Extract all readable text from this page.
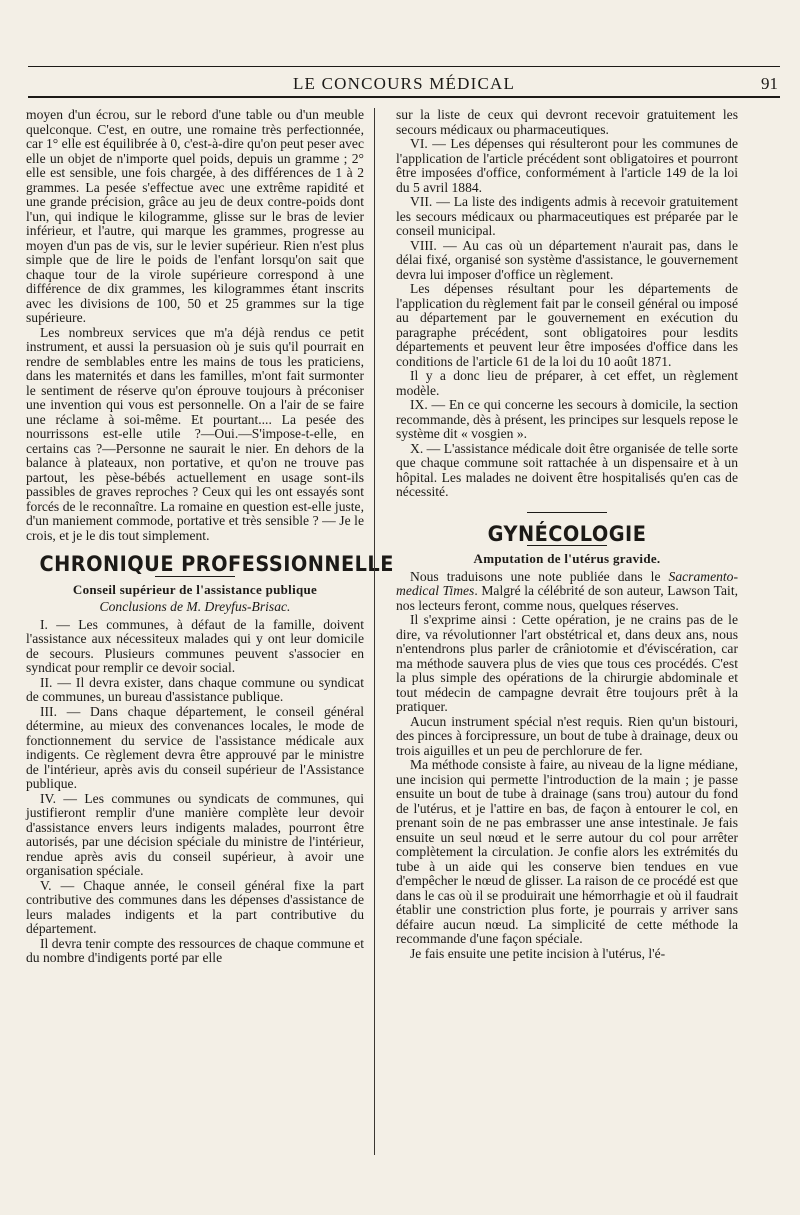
LE CONCOURS MÉDICAL	91

moyen d'un écrou, sur le rebord d'une table ou d'un meuble quelconque. C'est, en outre, une romaine très perfectionnée, car 1° elle est équilibrée à 0, c'est-à-dire qu'on peut peser avec elle un objet de n'importe quel poids, depuis un gramme ; 2° elle est sensible, une fois chargée, à des différences de 1 à 2 grammes. La pesée s'effectue avec une extrême rapidité et une grande précision, grâce au jeu de deux contre-poids dont l'un, qui indique le kilogramme, glisse sur le bras de levier inférieur, et l'autre, qui marque les grammes, progresse au moyen d'un pas de vis, sur le levier supérieur. Rien n'est plus simple que de lire le poids de l'enfant lorsqu'on sait que chaque tour de la virole supérieure correspond à une différence de dix grammes, les kilogrammes étant inscrits avec les divisions de 100, 50 et 25 grammes sur la tige supérieure.

Les nombreux services que m'a déjà rendus ce petit instrument, et aussi la persuasion où je suis qu'il pourrait en rendre de semblables entre les mains de tous les praticiens, dans les maternités et dans les familles, m'ont fait surmonter le sentiment de réserve qu'on éprouve toujours à préconiser une invention qui vous est personnelle. On a l'air de se faire une réclame à soi-même. Et pourtant.... La pesée des nourrissons est-elle utile ?—Oui.—S'impose-t-elle, en certains cas ?—Personne ne saurait le nier. En dehors de la balance à plateaux, non portative, et qu'on ne trouve pas partout, les pèse-bébés actuellement en usage sont-ils passibles de graves reproches ? Ceux qui les ont essayés sont forcés de le reconnaître. La romaine en question est-elle juste, d'un maniement commode, portative et très sensible ? — Je le crois, et je le dis tout simplement.

CHRONIQUE PROFESSIONNELLE
Conseil supérieur de l'assistance publique
Conclusions de M. Dreyfus-Brisac.

I. — Les communes, à défaut de la famille, doivent l'assistance aux nécessiteux malades qui y ont leur domicile de secours. Plusieurs communes peuvent s'associer en syndicat pour remplir ce devoir social.

II. — Il devra exister, dans chaque commune ou syndicat de communes, un bureau d'assistance publique.

III. — Dans chaque département, le conseil général détermine, au mieux des convenances locales, le mode de fonctionnement du service de l'assistance médicale aux indigents. Ce règlement devra être approuvé par le ministre de l'intérieur, après avis du conseil supérieur de l'Assistance publique.

IV. — Les communes ou syndicats de communes, qui justifieront remplir d'une manière complète leur devoir d'assistance envers leurs indigents malades, pourront être autorisés, par une décision spéciale du ministre de l'intérieur, rendue après avis du conseil supérieur, à avoir une organisation spéciale.

V. — Chaque année, le conseil général fixe la part contributive des communes dans les dépenses d'assistance de leurs malades indigents et la part contributive du département.

Il devra tenir compte des ressources de chaque commune et du nombre d'indigents porté par elle

sur la liste de ceux qui devront recevoir gratuitement les secours médicaux ou pharmaceutiques.

VI. — Les dépenses qui résulteront pour les communes de l'application de l'article précédent sont obligatoires et pourront être imposées d'office, conformément à l'article 149 de la loi du 5 avril 1884.

VII. — La liste des indigents admis à recevoir gratuitement les secours médicaux ou pharmaceutiques est préparée par le conseil municipal.

VIII. — Au cas où un département n'aurait pas, dans le délai fixé, organisé son système d'assistance, le gouvernement devra lui imposer d'office un règlement.

Les dépenses résultant pour les départements de l'application du règlement fait par le conseil général ou imposé au département par le gouvernement en exécution du paragraphe précédent, sont obligatoires pour lesdits départements et peuvent leur être imposées d'office dans les conditions de l'article 61 de la loi du 10 août 1871.

Il y a donc lieu de préparer, à cet effet, un règlement modèle.

IX. — En ce qui concerne les secours à domicile, la section recommande, dès à présent, les principes sur lesquels repose le système dit « vosgien ».

X. — L'assistance médicale doit être organisée de telle sorte que chaque commune soit rattachée à un dispensaire et à un hôpital. Les malades ne doivent être hospitalisés qu'en cas de nécessité.

GYNÉCOLOGIE
Amputation de l'utérus gravide.

Nous traduisons une note publiée dans le Sacramento-medical Times. Malgré la célébrité de son auteur, Lawson Tait, nos lecteurs feront, comme nous, quelques réserves.

Il s'exprime ainsi : Cette opération, je ne crains pas de le dire, va révolutionner l'art obstétrical et, dans deux ans, nous n'entendrons plus parler de crâniotomie et d'éviscération, car ma méthode sauvera plus de vies que tous ces procédés. C'est la plus simple des opérations de la chirurgie abdominale et tout médecin de campagne devrait être toujours prêt à la pratiquer.

Aucun instrument spécial n'est requis. Rien qu'un bistouri, des pinces à forcipressure, un bout de tube à drainage, deux ou trois aiguilles et un peu de perchlorure de fer.

Ma méthode consiste à faire, au niveau de la ligne médiane, une incision qui permette l'introduction de la main ; je passe ensuite un bout de tube à drainage (sans trou) autour du fond de l'utérus, et je l'attire en bas, de façon à entourer le col, en prenant soin de ne pas embrasser une anse intestinale. Je fais ensuite un seul nœud et le serre autour du col pour arrêter complètement la circulation. Je confie alors les extrémités du tube à un aide qui les conserve bien tendues en vue d'empêcher le nœud de glisser. La raison de ce procédé est que dans le cas où il se produirait une hémorrhagie et où il faudrait établir une constriction plus forte, je pourrais y arriver sans défaire aucun nœud. La simplicité de cette méthode la recommande d'une façon spéciale.

Je fais ensuite une petite incision à l'utérus, l'é-
